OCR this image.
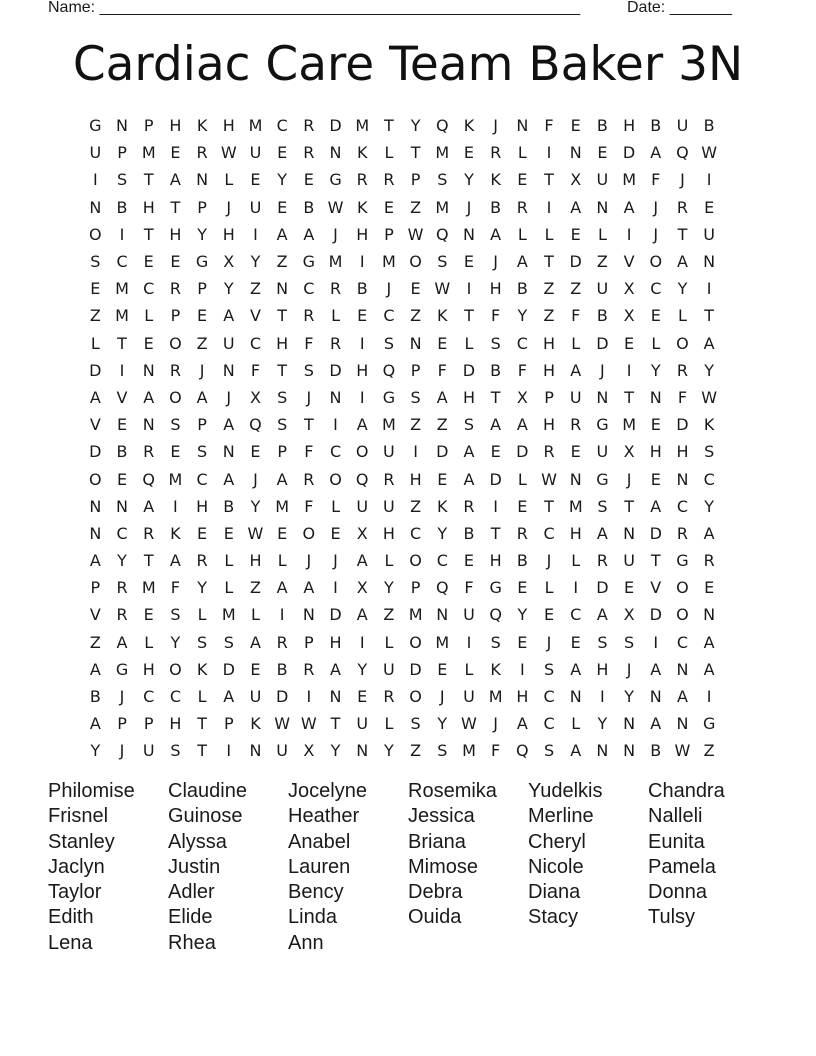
Name: ______________________________________________________	Date: _______
Cardiac Care Team Baker 3N
G N P H K H M C R D M T	Y Q K	J	N	F	E	B H B U B
U	P M E	R W U E	R N K	L	T M E	R	L	I	N E D A Q W
I	S	T	A N	L	E	Y	E G R R	P	S	Y	K	E	T	X U M F	J	I
N B H T	P	J	U E	B W K	E	Z M	J	B R	I	A N A	J	R	E
O	I	T H Y H	I	A A	J	H P W Q N A	L	L	E	L	I	J	T U
S	C	E	E G X	Y	Z G M	I	M O S	E	J	A	T D Z V O A N
E M C R	P	Y	Z N C R B	J	E W	I	H B Z Z U X C	Y	I
Z M L	P	E	A V	T	R	L	E	C Z K	T	F	Y	Z	F	B X	E	L	T
L	T	E O Z U C H	F	R	I	S N E	L	S	C H	L	D E	L O A
D	I	N R	J	N	F	T	S D H Q P	F D B	F	H A	J	I	Y	R	Y
A V A O A	J	X	S	J	N	I	G S	A H T	X	P	U N T N	F W
V	E N S	P	A Q S	T	I	A M Z Z	S	A A H R G M E D K
D B R	E	S N E	P	F	C O U	I	D A	E D R	E U X H H S
O E Q M C A	J	A R O Q R H E	A D	L W N G	J	E N C
N N A	I	H B	Y M F	L	U U Z K R	I	E	T M S	T	A C	Y
N C R K	E	E W E O E	X H C	Y	B	T	R C H A N D R A
A	Y	T	A R	L	H	L	J	J	A	L O C	E H B	J	L	R U T G R
P	R M F	Y	L	Z A A	I	X	Y	P Q F G E	L	I	D E	V O E
V R	E	S	L M L	I	N D A Z M N U Q Y	E	C A X D O N
Z A	L	Y	S	S	A R	P H	I	L O M	I	S	E	J	E	S	S	I	C A
A G H O K D E	B R A	Y U D E	L	K	I	S	A H	J	A N A
B	J	C C	L	A U D	I	N E	R O	J	U M H C N	I	Y N A	I
A	P	P H T	P	K W W T U	L	S	Y W	J	A C	L	Y N A N G
Y	J	U S	T	I	N U X	Y N Y	Z	S M F Q S	A N N B W Z
Philomise	Claudine	Jocelyne	Rosemika	Yudelkis	Chandra
Frisnel	Guinose	Heather	Jessica	Merline	Nalleli
Stanley	Alyssa	Anabel	Briana	Cheryl	Eunita
Jaclyn	Justin	Lauren	Mimose	Nicole	Pamela
Taylor	Adler	Bency	Debra	Diana	Donna
Edith	Elide	Linda	Ouida	Stacy	Tulsy
Lena	Rhea	Ann
